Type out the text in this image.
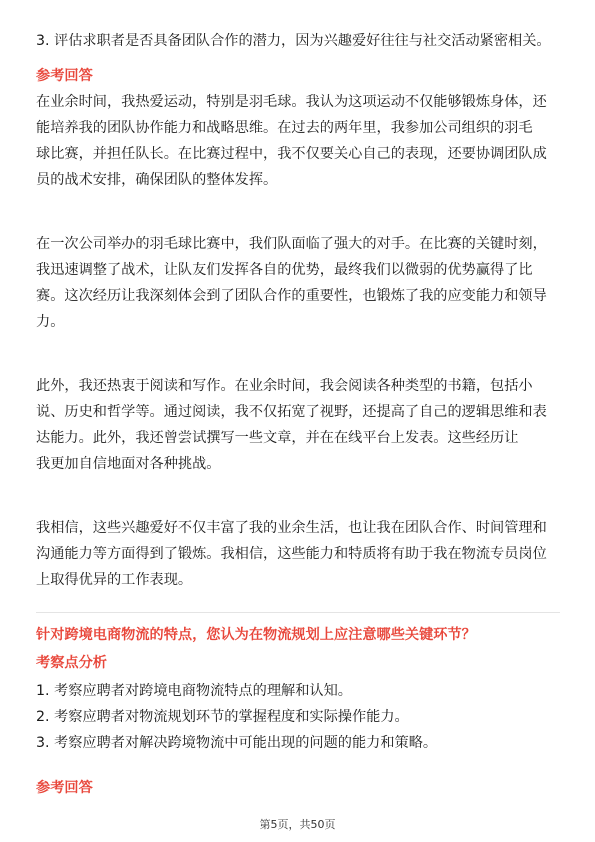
3. 评估求职者是否具备团队合作的潜力，因为兴趣爱好往往与社交活动紧密相关。
参考回答
在业余时间，我热爱运动，特别是羽毛球。我认为这项运动不仅能够锻炼身体，还
能培养我的团队协作能力和战略思维。在过去的两年里，我参加公司组织的羽毛
球比赛，并担任队长。在比赛过程中，我不仅要关心自己的表现，还要协调团队成
员的战术安排，确保团队的整体发挥。
在一次公司举办的羽毛球比赛中，我们队面临了强大的对手。在比赛的关键时刻，
我迅速调整了战术，让队友们发挥各自的优势，最终我们以微弱的优势赢得了比
赛。这次经历让我深刻体会到了团队合作的重要性，也锻炼了我的应变能力和领导
力。
此外，我还热衷于阅读和写作。在业余时间，我会阅读各种类型的书籍，包括小
说、历史和哲学等。通过阅读，我不仅拓宽了视野，还提高了自己的逻辑思维和表
达能力。此外，我还曾尝试撰写一些文章，并在在线平台上发表。这些经历让
我更加自信地面对各种挑战。
我相信，这些兴趣爱好不仅丰富了我的业余生活，也让我在团队合作、时间管理和
沟通能力等方面得到了锻炼。我相信，这些能力和特质将有助于我在物流专员岗位
上取得优异的工作表现。
针对跨境电商物流的特点，您认为在物流规划上应注意哪些关键环节？
考察点分析
1. 考察应聘者对跨境电商物流特点的理解和认知。
2. 考察应聘者对物流规划环节的掌握程度和实际操作能力。
3. 考察应聘者对解决跨境物流中可能出现的问题的能力和策略。
参考回答
第5页，共50页
